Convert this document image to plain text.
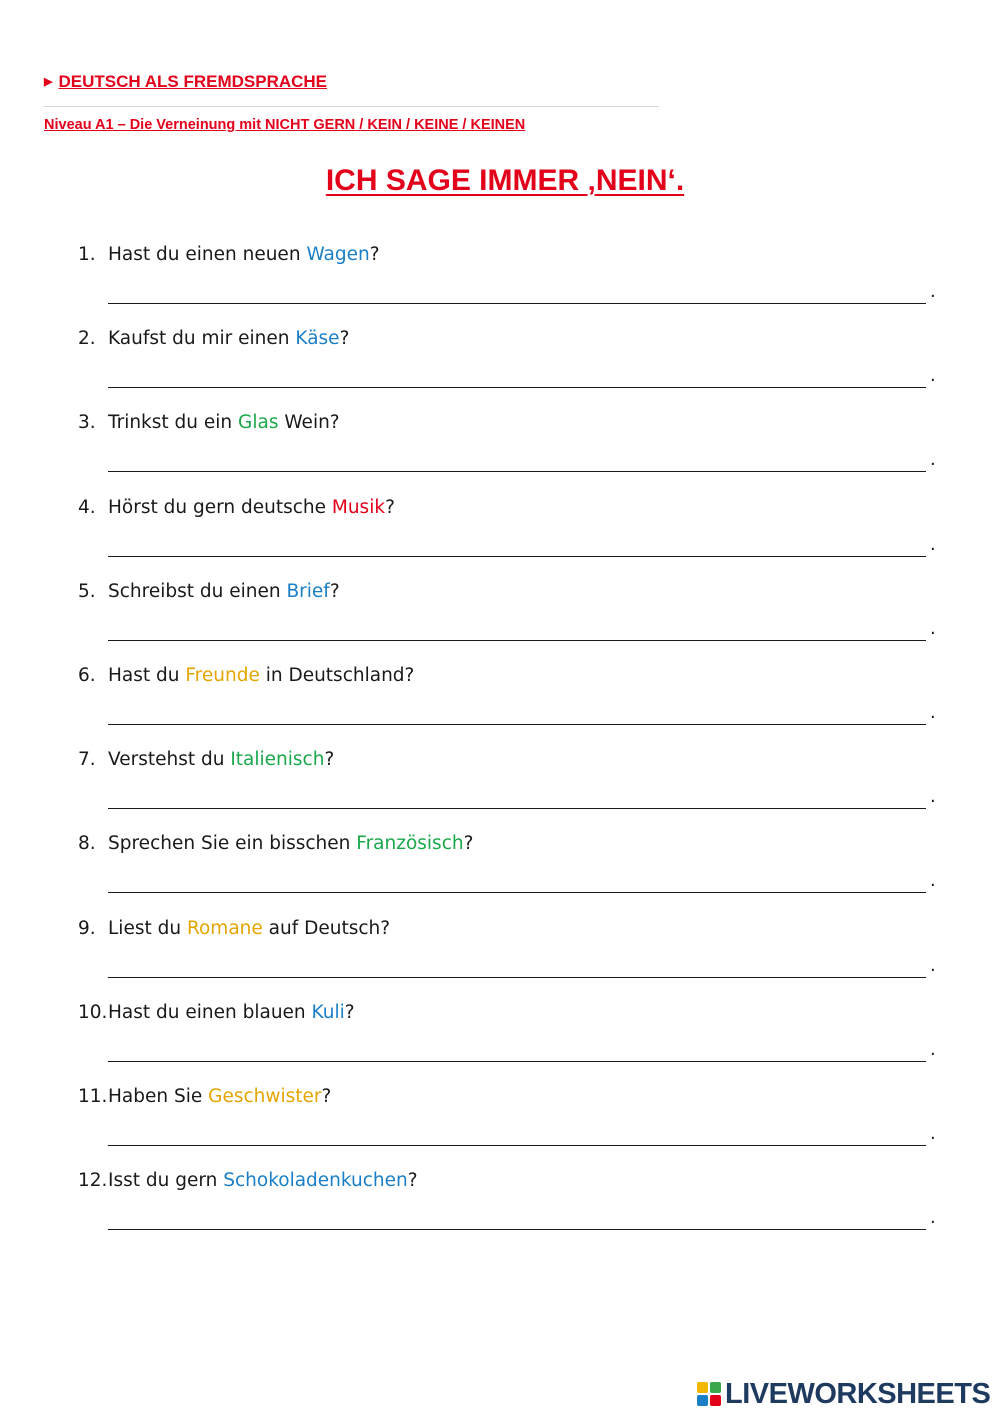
▶ DEUTSCH ALS FREMDSPRACHE
Niveau A1 – Die Verneinung mit NICHT GERN / KEIN / KEINE / KEINEN
ICH SAGE IMMER ‚NEIN‘.
1. Hast du einen neuen Wagen ?
.
2. Kaufst du mir einen Käse ?
.
3. Trinkst du ein Glas Wein?
.
4. Hörst du gern deutsche Musik ?
.
5. Schreibst du einen Brief ?
.
6. Hast du Freunde in Deutschland?
.
7. Verstehst du Italienisch ?
.
8. Sprechen Sie ein bisschen Französisch ?
.
9. Liest du Romane auf Deutsch?
.
10. Hast du einen blauen Kuli ?
.
11. Haben Sie Geschwister ?
.
12. Isst du gern Schokoladenkuchen ?
.
LIVEWORKSHEETS
